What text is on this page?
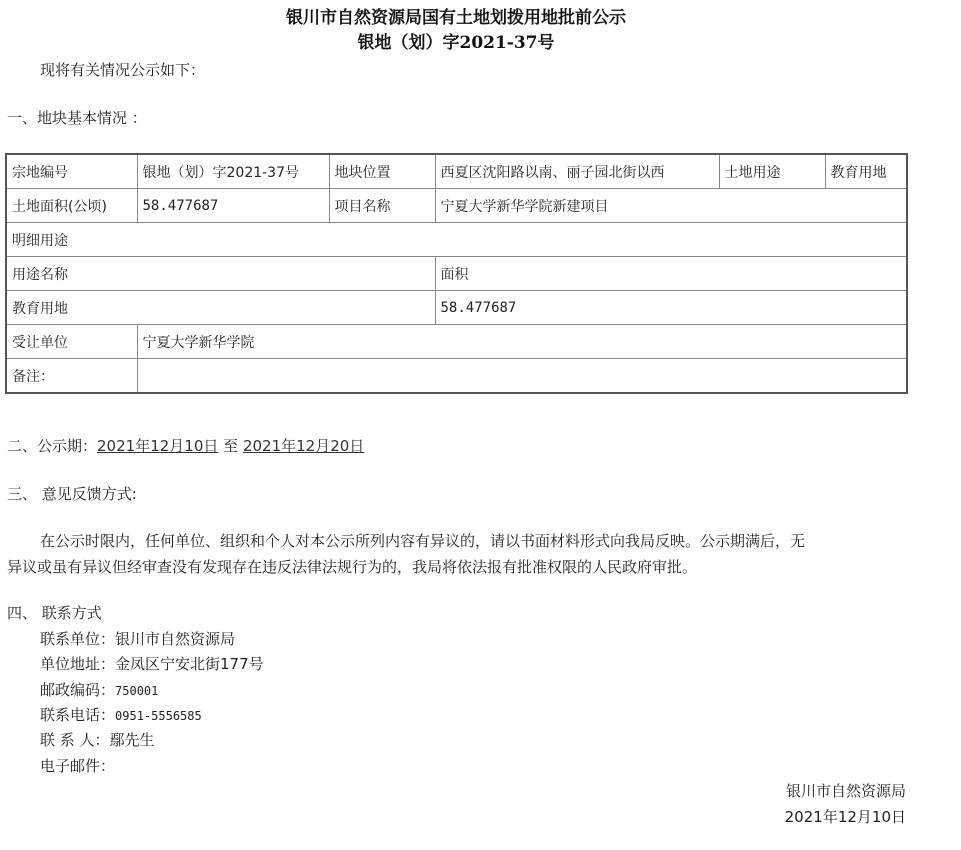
银川市自然资源局国有土地划拨用地批前公示
银地（划）字2021-37号
现将有关情况公示如下：
一、地块基本情况 ：
宗地编号	银地（划）字2021-37号	地块位置	西夏区沈阳路以南、丽子园北街以西	土地用途	教育用地
土地面积(公顷)	58.477687	项目名称	宁夏大学新华学院新建项目		
明细用途					
用途名称			面积		
教育用地			58.477687		
受让单位	宁夏大学新华学院				
备注：					
二、公示期：2021年12月10日 至 2021年12月20日
三、 意见反馈方式:
在公示时限内，任何单位、组织和个人对本公示所列内容有异议的，请以书面材料形式向我局反映。公示期满后，无
异议或虽有异议但经审查没有发现存在违反法律法规行为的，我局将依法报有批准权限的人民政府审批。
四、 联系方式
联系单位：银川市自然资源局
单位地址：金凤区宁安北街177号
邮政编码：750001
联系电话：0951-5556585
联 系 人：鄢先生
电子邮件：
银川市自然资源局
2021年12月10日
